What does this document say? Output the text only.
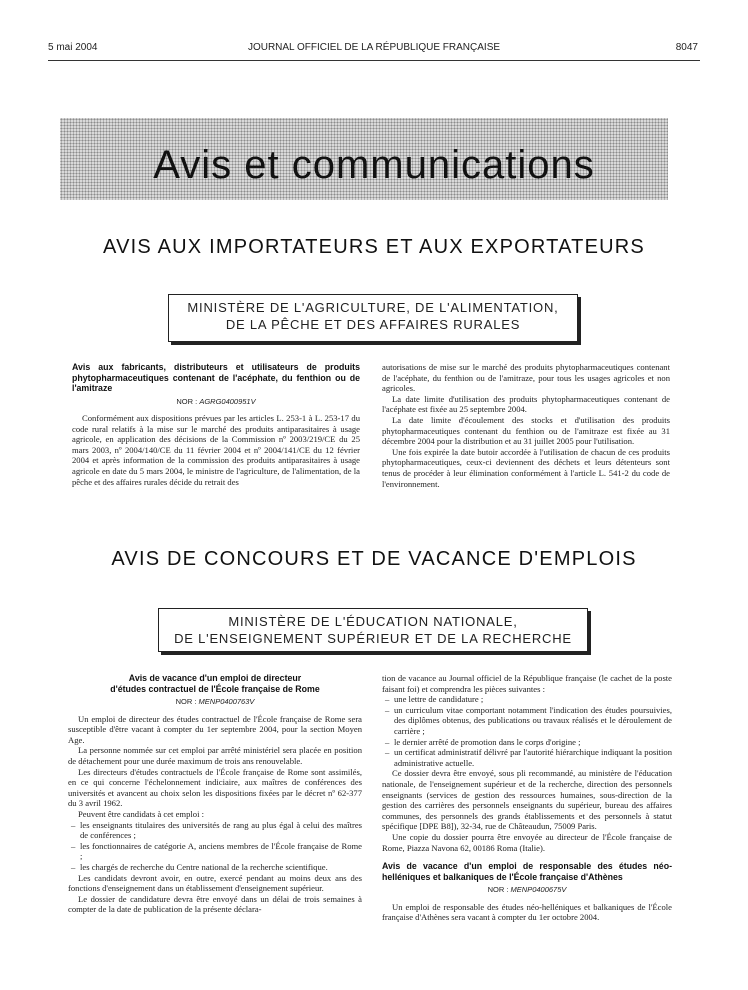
5 mai 2004	JOURNAL OFFICIEL DE LA RÉPUBLIQUE FRANÇAISE	8047
Avis et communications
AVIS AUX IMPORTATEURS ET AUX EXPORTATEURS
MINISTÈRE DE L'AGRICULTURE, DE L'ALIMENTATION,
DE LA PÊCHE ET DES AFFAIRES RURALES
Avis aux fabricants, distributeurs et utilisateurs de produits phytopharmaceutiques contenant de l'acéphate, du fenthion ou de l'amitraze
NOR : AGRG0400951V

Conformément aux dispositions prévues par les articles L. 253-1 à L. 253-17 du code rural relatifs à la mise sur le marché des produits antiparasitaires à usage agricole, en application des décisions de la Commission nº 2003/219/CE du 25 mars 2003, nº 2004/140/CE du 11 février 2004 et nº 2004/141/CE du 12 février 2004 et après information de la commission des produits antiparasitaires à usage agricole en date du 5 mars 2004, le ministre de l'agriculture, de l'alimentation, de la pêche et des affaires rurales décide du retrait des

autorisations de mise sur le marché des produits phytopharmaceutiques contenant de l'acéphate, du fenthion ou de l'amitraze, pour tous les usages agricoles et non agricoles.

La date limite d'utilisation des produits phytopharmaceutiques contenant de l'acéphate est fixée au 25 septembre 2004.

La date limite d'écoulement des stocks et d'utilisation des produits phytopharmaceutiques contenant du fenthion ou de l'amitraze est fixée au 31 décembre 2004 pour la distribution et au 31 juillet 2005 pour l'utilisation.

Une fois expirée la date butoir accordée à l'utilisation de chacun de ces produits phytopharmaceutiques, ceux-ci deviennent des déchets et leurs détenteurs sont tenus de procéder à leur élimination conformément à l'article L. 541-2 du code de l'environnement.

AVIS DE CONCOURS ET DE VACANCE D'EMPLOIS
MINISTÈRE DE L'ÉDUCATION NATIONALE,
DE L'ENSEIGNEMENT SUPÉRIEUR ET DE LA RECHERCHE
Avis de vacance d'un emploi de directeur
d'études contractuel de l'École française de Rome
NOR : MENP0400763V

Un emploi de directeur des études contractuel de l'École française de Rome sera susceptible d'être vacant à compter du 1er septembre 2004, pour la section Moyen Age.

La personne nommée sur cet emploi par arrêté ministériel sera placée en position de détachement pour une durée maximum de trois ans renouvelable.

Les directeurs d'études contractuels de l'École française de Rome sont assimilés, en ce qui concerne l'échelonnement indiciaire, aux maîtres de conférences des universités et avancent au choix selon les dispositions fixées par le décret nº 62-377 du 3 avril 1962.

Peuvent être candidats à cet emploi :

– les enseignants titulaires des universités de rang au plus égal à celui des maîtres de conférences ;
– les fonctionnaires de catégorie A, anciens membres de l'École française de Rome ;
– les chargés de recherche du Centre national de la recherche scientifique.

Les candidats devront avoir, en outre, exercé pendant au moins deux ans des fonctions d'enseignement dans un établissement d'enseignement supérieur.

Le dossier de candidature devra être envoyé dans un délai de trois semaines à compter de la date de publication de la présente déclara-

tion de vacance au Journal officiel de la République française (le cachet de la poste faisant foi) et comprendra les pièces suivantes :

– une lettre de candidature ;
– un curriculum vitae comportant notamment l'indication des études poursuivies, des diplômes obtenus, des publications ou travaux réalisés et le déroulement de carrière ;
– le dernier arrêté de promotion dans le corps d'origine ;
– un certificat administratif délivré par l'autorité hiérarchique indiquant la position administrative actuelle.

Ce dossier devra être envoyé, sous pli recommandé, au ministère de l'éducation nationale, de l'enseignement supérieur et de la recherche, direction des personnels enseignants (services de gestion des ressources humaines, sous-direction de la gestion des carrières des personnels enseignants du supérieur, bureau des affaires communes, des personnels des grands établissements et des personnels à statut spécifique [DPE B8]), 32-34, rue de Châteaudun, 75009 Paris.

Une copie du dossier pourra être envoyée au directeur de l'École française de Rome, Piazza Navona 62, 00186 Roma (Italie).

Avis de vacance d'un emploi de responsable des études néo-helléniques et balkaniques de l'École française d'Athènes
NOR : MENP0400675V

Un emploi de responsable des études néo-helléniques et balkaniques de l'École française d'Athènes sera vacant à compter du 1er octobre 2004.
